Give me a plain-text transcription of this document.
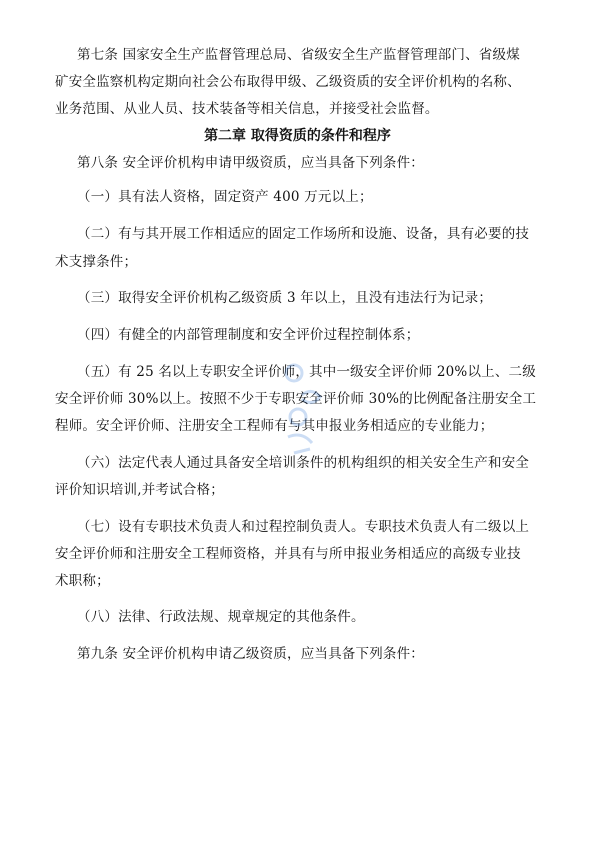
第七条 国家安全生产监督管理总局、省级安全生产监督管理部门、省级煤
矿安全监察机构定期向社会公布取得甲级、乙级资质的安全评价机构的名称、
业务范围、从业人员、技术装备等相关信息，并接受社会监督。
第二章 取得资质的条件和程序
第八条 安全评价机构申请甲级资质，应当具备下列条件：
（一）具有法人资格，固定资产 400 万元以上；
（二）有与其开展工作相适应的固定工作场所和设施、设备，具有必要的技
术支撑条件；
（三）取得安全评价机构乙级资质 3 年以上，且没有违法行为记录；
（四）有健全的内部管理制度和安全评价过程控制体系；
（五）有 25 名以上专职安全评价师，其中一级安全评价师 20%以上、二级
安全评价师 30%以上。按照不少于专职安全评价师 30%的比例配备注册安全工
程师。安全评价师、注册安全工程师有与其申报业务相适应的专业能力；
（六）法定代表人通过具备安全培训条件的机构组织的相关安全生产和安全
评价知识培训,并考试合格；
（七）设有专职技术负责人和过程控制负责人。专职技术负责人有二级以上
安全评价师和注册安全工程师资格，并具有与所申报业务相适应的高级专业技
术职称；
（八）法律、行政法规、规章规定的其他条件。
第九条 安全评价机构申请乙级资质，应当具备下列条件：
